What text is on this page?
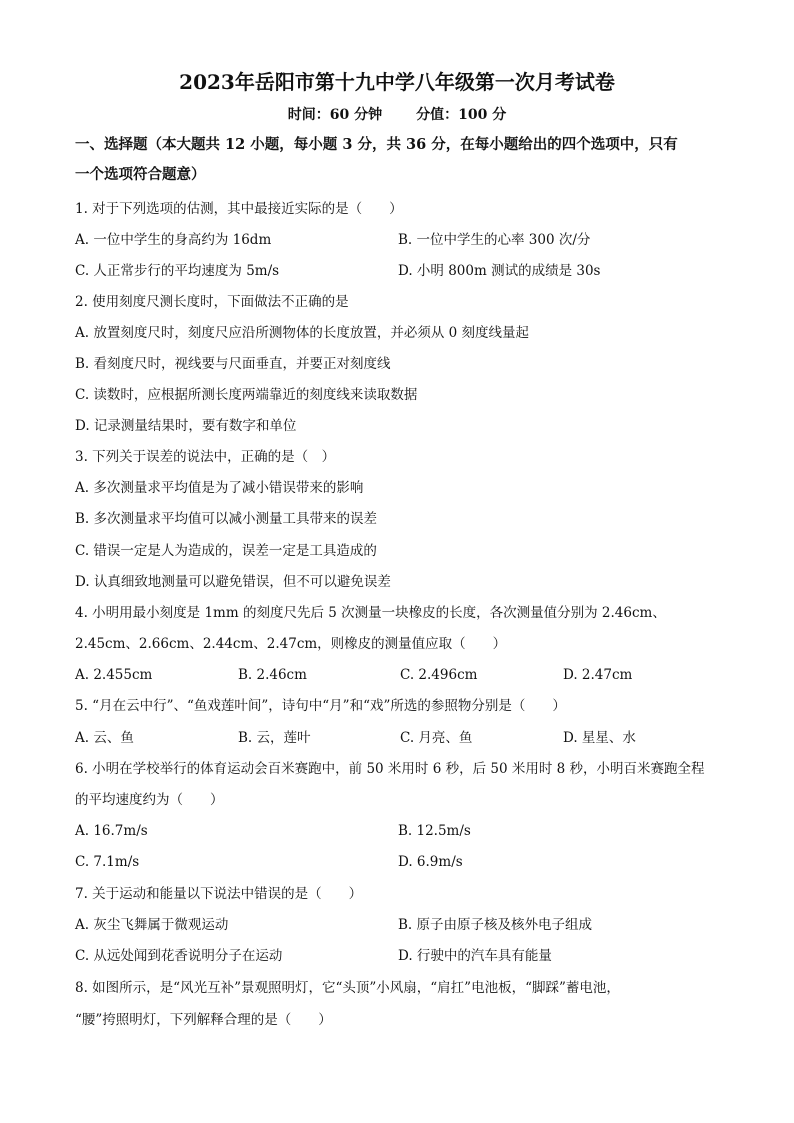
2023年岳阳市第十九中学八年级第一次月考试卷
时间：60 分钟 分值：100 分
一、选择题（本大题共 12 小题，每小题 3 分，共 36 分，在每小题给出的四个选项中，只有
一个选项符合题意）
1. 对于下列选项的估测，其中最接近实际的是（　　）
A. 一位中学生的身高约为 16dm	B. 一位中学生的心率 300 次/分
C. 人正常步行的平均速度为 5m/s	D. 小明 800m 测试的成绩是 30s
2. 使用刻度尺测长度时，下面做法不正确的是
A. 放置刻度尺时，刻度尺应沿所测物体的长度放置，并必须从 0 刻度线量起
B. 看刻度尺时，视线要与尺面垂直，并要正对刻度线
C. 读数时，应根据所测长度两端靠近的刻度线来读取数据
D. 记录测量结果时，要有数字和单位
3. 下列关于误差的说法中，正确的是（　）
A. 多次测量求平均值是为了减小错误带来的影响
B. 多次测量求平均值可以减小测量工具带来的误差
C. 错误一定是人为造成的，误差一定是工具造成的
D. 认真细致地测量可以避免错误，但不可以避免误差
4. 小明用最小刻度是 1mm 的刻度尺先后 5 次测量一块橡皮的长度，各次测量值分别为 2.46cm、
2.45cm、2.66cm、2.44cm、2.47cm，则橡皮的测量值应取（　　）
A. 2.455cm	B. 2.46cm	C. 2.496cm	D. 2.47cm
5. “月在云中行”、“鱼戏莲叶间”，诗句中“月”和“戏”所选的参照物分别是（　　）
A. 云、鱼	B. 云，莲叶	C. 月亮、鱼	D. 星星、水
6. 小明在学校举行的体育运动会百米赛跑中，前 50 米用时 6 秒，后 50 米用时 8 秒，小明百米赛跑全程
的平均速度约为（　　）
A. 16.7m/s	B. 12.5m/s
C. 7.1m/s	D. 6.9m/s
7. 关于运动和能量以下说法中错误的是（　　）
A. 灰尘飞舞属于微观运动	B. 原子由原子核及核外电子组成
C. 从远处闻到花香说明分子在运动	D. 行驶中的汽车具有能量
8. 如图所示，是“风光互补”景观照明灯，它“头顶”小风扇，“肩扛”电池板，“脚踩”蓄电池，
“腰”挎照明灯，下列解释合理的是（　　）
